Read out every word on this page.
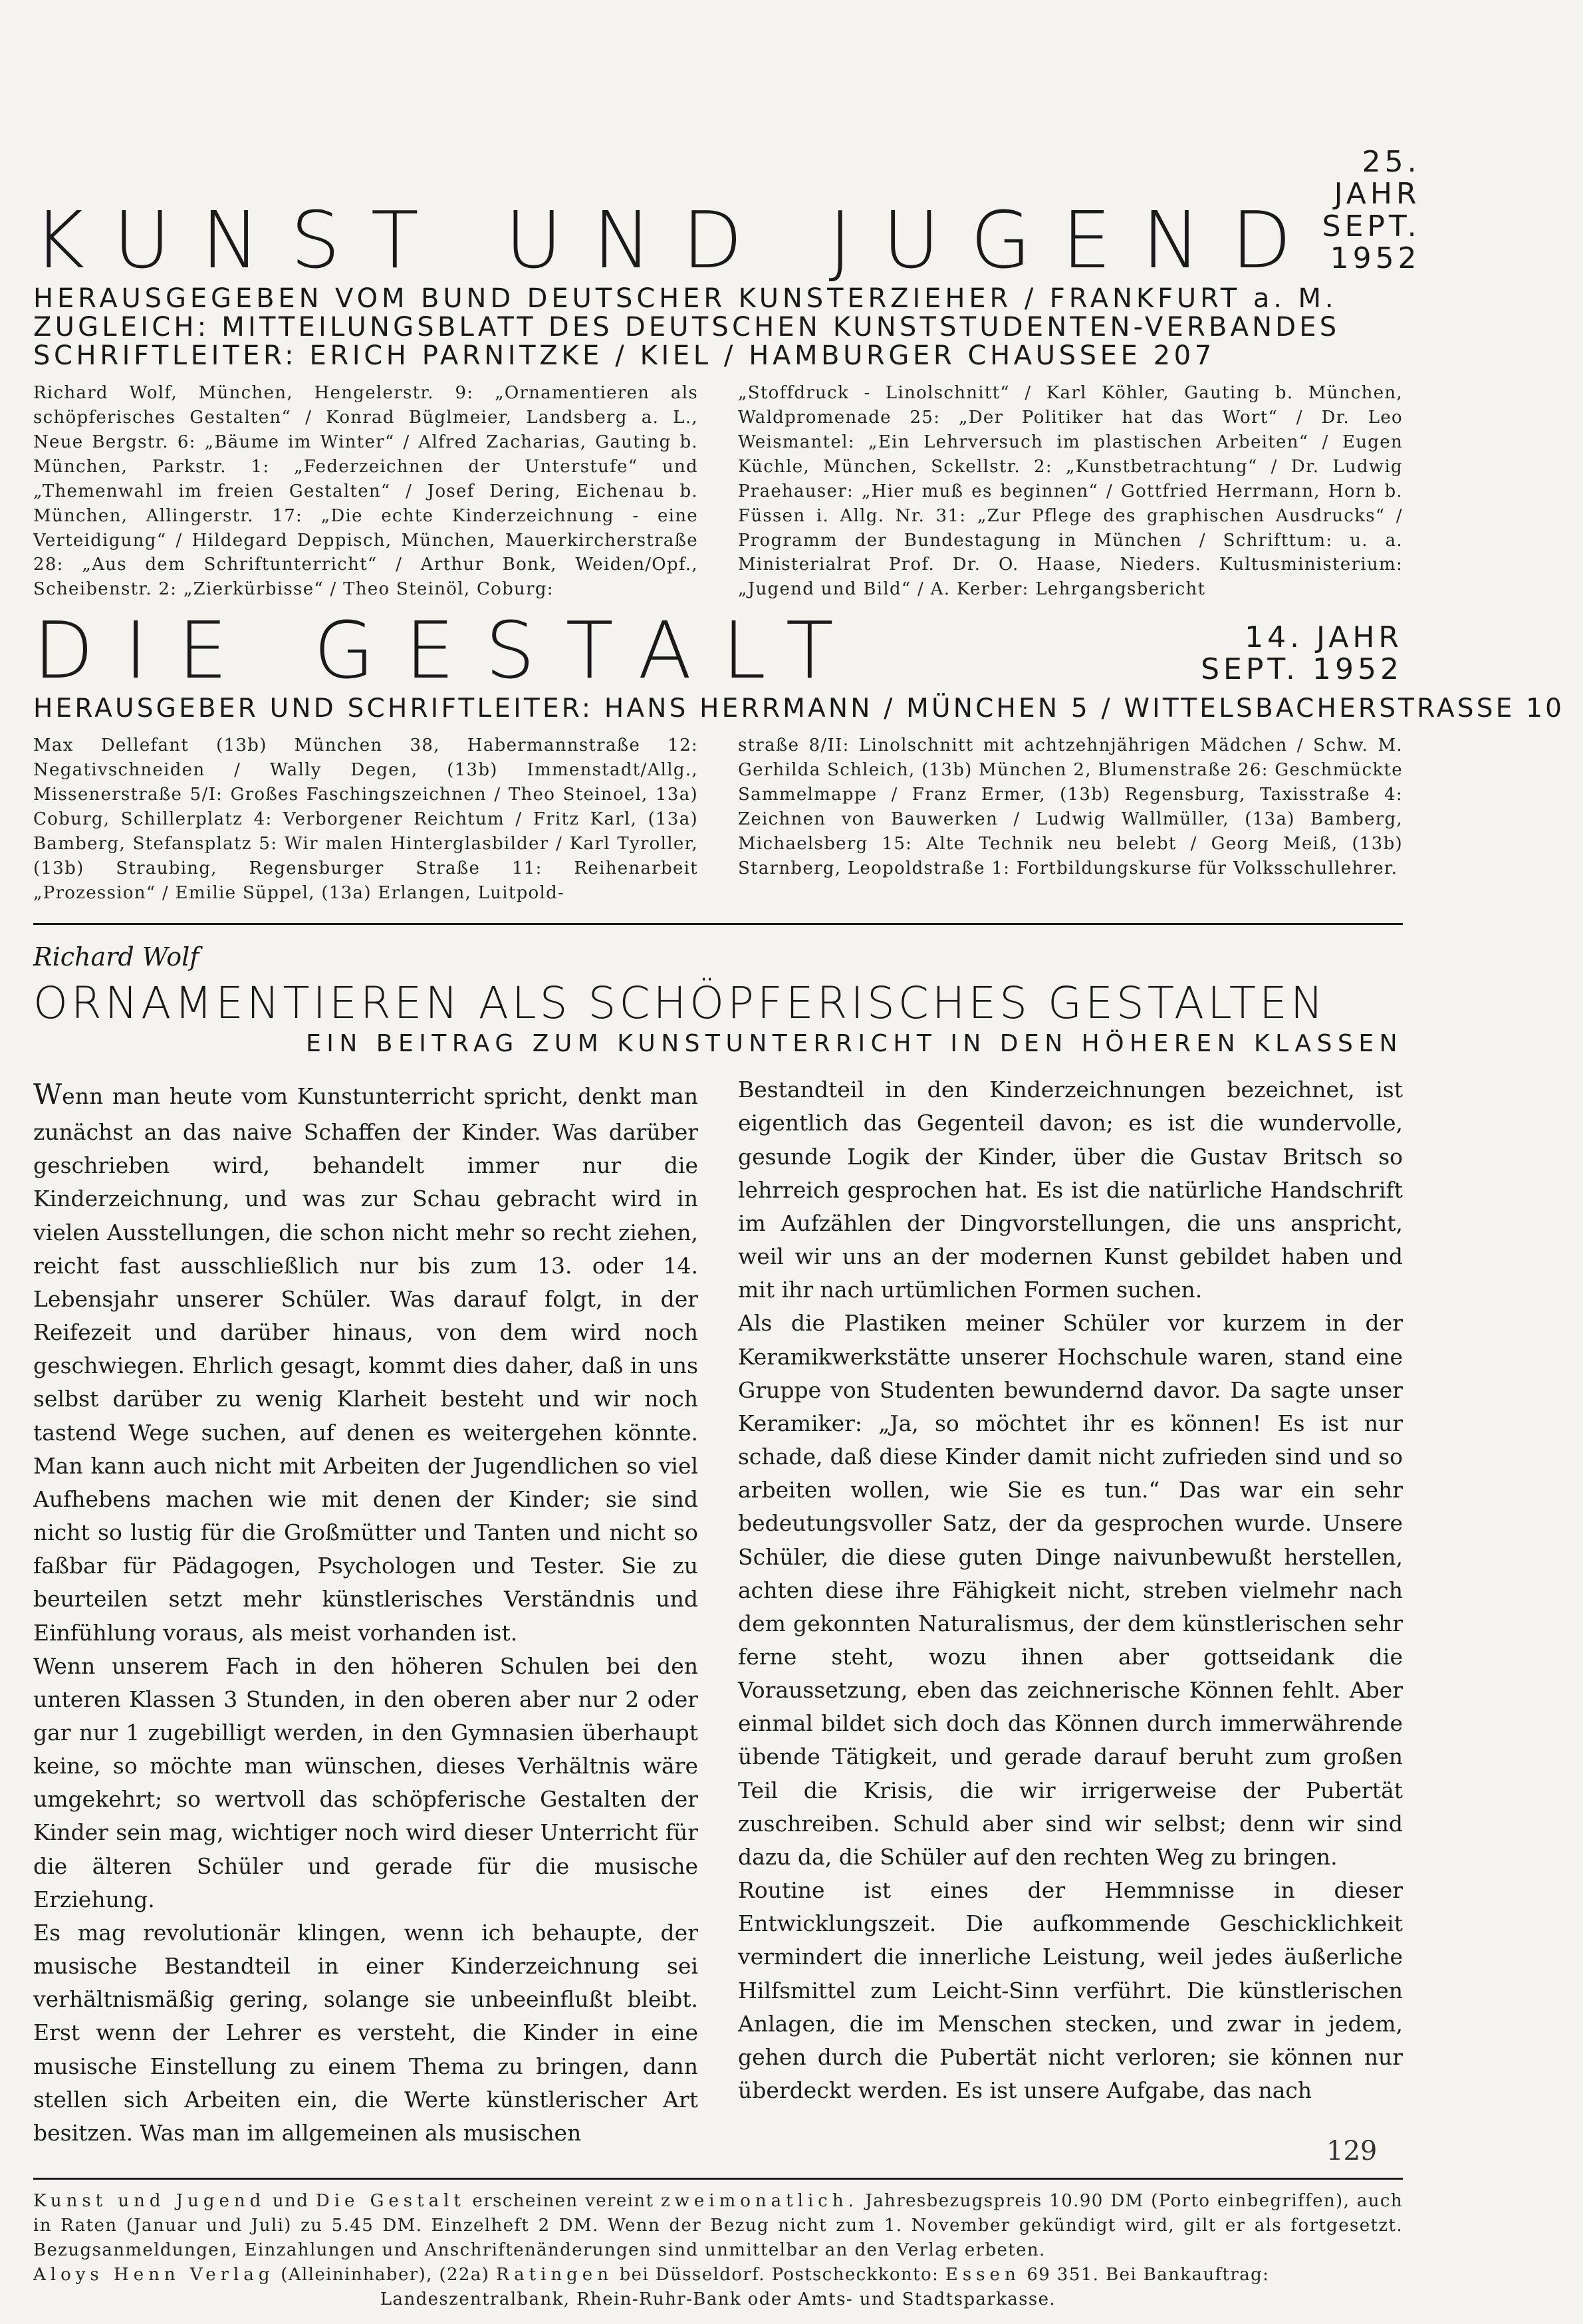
KUNST UND JUGEND
25. JAHR
SEPT. 1952
HERAUSGEGEBEN VOM BUND DEUTSCHER KUNSTERZIEHER / FRANKFURT a. M.
ZUGLEICH: MITTEILUNGSBLATT DES DEUTSCHEN KUNSTSTUDENTEN-VERBANDES
SCHRIFTLEITER: ERICH PARNITZKE / KIEL / HAMBURGER CHAUSSEE 207
Richard Wolf, München, Hengelerstr. 9: „Ornamentieren als schöpferisches Gestalten“ / Konrad Büglmeier, Landsberg a. L., Neue Bergstr. 6: „Bäume im Winter“ / Alfred Zacharias, Gauting b. München, Parkstr. 1: „Federzeichnen der Unterstufe“ und „Themenwahl im freien Gestalten“ / Josef Dering, Eichenau b. München, Allingerstr. 17: „Die echte Kinderzeichnung - eine Verteidigung“ / Hildegard Deppisch, München, Mauerkircherstraße 28: „Aus dem Schriftunterricht“ / Arthur Bonk, Weiden/Opf., Scheibenstr. 2: „Zierkürbisse“ / Theo Steinöl, Coburg:
„Stoffdruck - Linolschnitt“ / Karl Köhler, Gauting b. München, Waldpromenade 25: „Der Politiker hat das Wort“ / Dr. Leo Weismantel: „Ein Lehrversuch im plastischen Arbeiten“ / Eugen Küchle, München, Sckellstr. 2: „Kunstbetrachtung“ / Dr. Ludwig Praehauser: „Hier muß es beginnen“ / Gottfried Herrmann, Horn b. Füssen i. Allg. Nr. 31: „Zur Pflege des graphischen Ausdrucks“ / Programm der Bundestagung in München / Schrifttum: u. a. Ministerialrat Prof. Dr. O. Haase, Nieders. Kultusministerium: „Jugend und Bild“ / A. Kerber: Lehrgangsbericht
DIE GESTALT	14. JAHR
SEPT. 1952
HERAUSGEBER UND SCHRIFTLEITER: HANS HERRMANN / MÜNCHEN 5 / WITTELSBACHERSTRASSE 10
Max Dellefant (13b) München 38, Habermannstraße 12: Negativschneiden / Wally Degen, (13b) Immenstadt/Allg., Missenerstraße 5/I: Großes Faschingszeichnen / Theo Steinoel, 13a) Coburg, Schillerplatz 4: Verborgener Reichtum / Fritz Karl, (13a) Bamberg, Stefansplatz 5: Wir malen Hinterglasbilder / Karl Tyroller, (13b) Straubing, Regensburger Straße 11: Reihenarbeit „Prozession“ / Emilie Süppel, (13a) Erlangen, Luitpold-
straße 8/II: Linolschnitt mit achtzehnjährigen Mädchen / Schw. M. Gerhilda Schleich, (13b) München 2, Blumenstraße 26: Geschmückte Sammelmappe / Franz Ermer, (13b) Regensburg, Taxisstraße 4: Zeichnen von Bauwerken / Ludwig Wallmüller, (13a) Bamberg, Michaelsberg 15: Alte Technik neu belebt / Georg Meiß, (13b) Starnberg, Leopoldstraße 1: Fortbildungskurse für Volksschullehrer.
Richard Wolf
ORNAMENTIEREN ALS SCHÖPFERISCHES GESTALTEN
EIN BEITRAG ZUM KUNSTUNTERRICHT IN DEN HÖHEREN KLASSEN

Wenn man heute vom Kunstunterricht spricht, denkt man zunächst an das naive Schaffen der Kinder. Was darüber geschrieben wird, behandelt immer nur die Kinderzeichnung, und was zur Schau gebracht wird in vielen Ausstellungen, die schon nicht mehr so recht ziehen, reicht fast ausschließlich nur bis zum 13. oder 14. Lebensjahr unserer Schüler. Was darauf folgt, in der Reifezeit und darüber hinaus, von dem wird noch geschwiegen. Ehrlich gesagt, kommt dies daher, daß in uns selbst darüber zu wenig Klarheit besteht und wir noch tastend Wege suchen, auf denen es weitergehen könnte. Man kann auch nicht mit Arbeiten der Jugendlichen so viel Aufhebens machen wie mit denen der Kinder; sie sind nicht so lustig für die Großmütter und Tanten und nicht so faßbar für Pädagogen, Psychologen und Tester. Sie zu beurteilen setzt mehr künstlerisches Verständnis und Einfühlung voraus, als meist vorhanden ist.

Wenn unserem Fach in den höheren Schulen bei den unteren Klassen 3 Stunden, in den oberen aber nur 2 oder gar nur 1 zugebilligt werden, in den Gymnasien überhaupt keine, so möchte man wünschen, dieses Verhältnis wäre umgekehrt; so wertvoll das schöpferische Gestalten der Kinder sein mag, wichtiger noch wird dieser Unterricht für die älteren Schüler und gerade für die musische Erziehung.

Es mag revolutionär klingen, wenn ich behaupte, der musische Bestandteil in einer Kinderzeichnung sei verhältnismäßig gering, solange sie unbeeinflußt bleibt. Erst wenn der Lehrer es versteht, die Kinder in eine musische Einstellung zu einem Thema zu bringen, dann stellen sich Arbeiten ein, die Werte künstlerischer Art besitzen. Was man im allgemeinen als musischen

Bestandteil in den Kinderzeichnungen bezeichnet, ist eigentlich das Gegenteil davon; es ist die wundervolle, gesunde Logik der Kinder, über die Gustav Britsch so lehrreich gesprochen hat. Es ist die natürliche Handschrift im Aufzählen der Dingvorstellungen, die uns anspricht, weil wir uns an der modernen Kunst gebildet haben und mit ihr nach urtümlichen Formen suchen.

Als die Plastiken meiner Schüler vor kurzem in der Keramikwerkstätte unserer Hochschule waren, stand eine Gruppe von Studenten bewundernd davor. Da sagte unser Keramiker: „Ja, so möchtet ihr es können! Es ist nur schade, daß diese Kinder damit nicht zufrieden sind und so arbeiten wollen, wie Sie es tun.“ Das war ein sehr bedeutungsvoller Satz, der da gesprochen wurde. Unsere Schüler, die diese guten Dinge naivunbewußt herstellen, achten diese ihre Fähigkeit nicht, streben vielmehr nach dem gekonnten Naturalismus, der dem künstlerischen sehr ferne steht, wozu ihnen aber gottseidank die Voraussetzung, eben das zeichnerische Können fehlt. Aber einmal bildet sich doch das Können durch immerwährende übende Tätigkeit, und gerade darauf beruht zum großen Teil die Krisis, die wir irrigerweise der Pubertät zuschreiben. Schuld aber sind wir selbst; denn wir sind dazu da, die Schüler auf den rechten Weg zu bringen.

Routine ist eines der Hemmnisse in dieser Entwicklungszeit. Die aufkommende Geschicklichkeit vermindert die innerliche Leistung, weil jedes äußerliche Hilfsmittel zum Leicht-Sinn verführt. Die künstlerischen Anlagen, die im Menschen stecken, und zwar in jedem, gehen durch die Pubertät nicht verloren; sie können nur überdeckt werden. Es ist unsere Aufgabe, das nach

Kunst und Jugend und Die Gestalt erscheinen vereint zweimonatlich. Jahresbezugspreis 10.90 DM (Porto einbegriffen), auch in Raten (Januar und Juli) zu 5.45 DM. Einzelheft 2 DM. Wenn der Bezug nicht zum 1. November gekündigt wird, gilt er als fortgesetzt. Bezugsanmeldungen, Einzahlungen und Anschriftenänderungen sind unmittelbar an den Verlag erbeten.

Aloys Henn Verlag (Alleininhaber), (22a) Ratingen bei Düsseldorf. Postscheckkonto: Essen 69 351. Bei Bankauftrag:

Landeszentralbank, Rhein-Ruhr-Bank oder Amts- und Stadtsparkasse.

129
